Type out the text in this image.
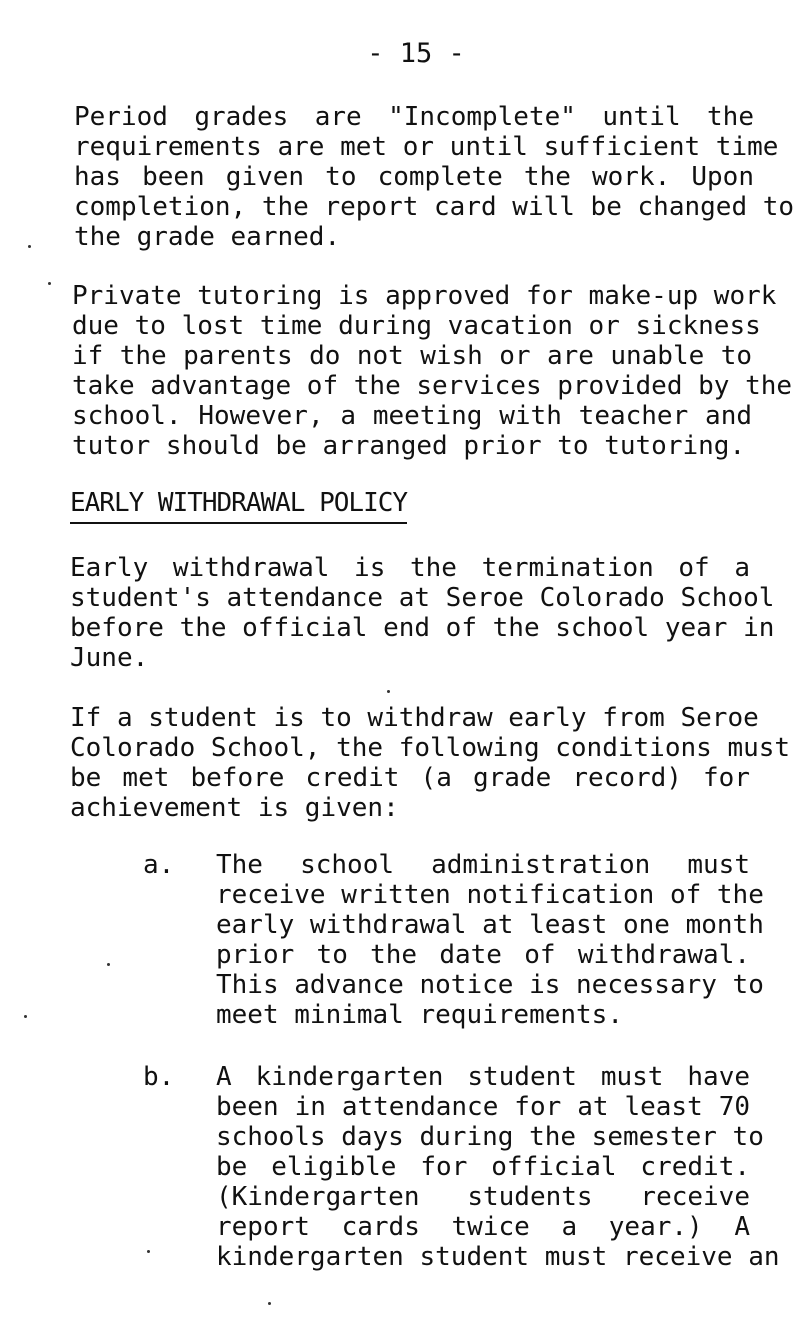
- 15 -
Period grades are "Incomplete" until the
requirements are met or until sufficient time
has been given to complete the work. Upon
completion, the report card will be changed to
the grade earned.
Private tutoring is approved for make-up work
due to lost time during vacation or sickness
if the parents do not wish or are unable to
take advantage of the services provided by the
school. However, a meeting with teacher and
tutor should be arranged prior to tutoring.
EARLY WITHDRAWAL POLICY
Early withdrawal is the termination of a
student's attendance at Seroe Colorado School
before the official end of the school year in
June.
If a student is to withdraw early from Seroe
Colorado School, the following conditions must
be met before credit (a grade record) for
achievement is given:
a. The school administration must
receive written notification of the
early withdrawal at least one month
prior to the date of withdrawal.
This advance notice is necessary to
meet minimal requirements.
b. A kindergarten student must have
been in attendance for at least 70
schools days during the semester to
be eligible for official credit.
(Kindergarten students receive
report cards twice a year.) A
kindergarten student must receive an
